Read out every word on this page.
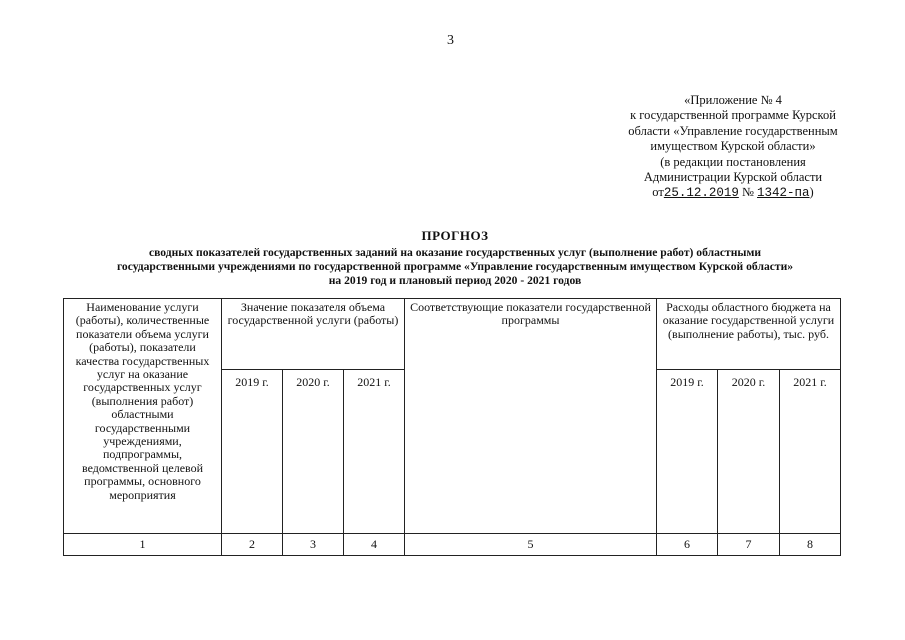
3
«Приложение № 4
к государственной программе Курской
области «Управление государственным
имуществом Курской области»
(в редакции постановления
Администрации Курской области
от25.12.2019 № 1342-па)
ПРОГНОЗ
сводных показателей государственных заданий на оказание государственных услуг (выполнение работ) областными
государственными учреждениями по государственной программе «Управление государственным имуществом Курской области»
на 2019 год и плановый период 2020 - 2021 годов
Наименование услуги (работы), количественные показатели объема услуги (работы), показатели качества государственных услуг на оказание государственных услуг (выполнения работ) областными государственными учреждениями, подпрограммы, ведомственной целевой программы, основного мероприятия	Значение показателя объема государственной услуги (работы)			Соответствующие показатели государственной программы	Расходы областного бюджета на оказание государственной услуги (выполнение работы), тыс. руб.		
	2019 г.	2020 г.	2021 г.		2019 г.	2020 г.	2021 г.
1	2	3	4	5	6	7	8
